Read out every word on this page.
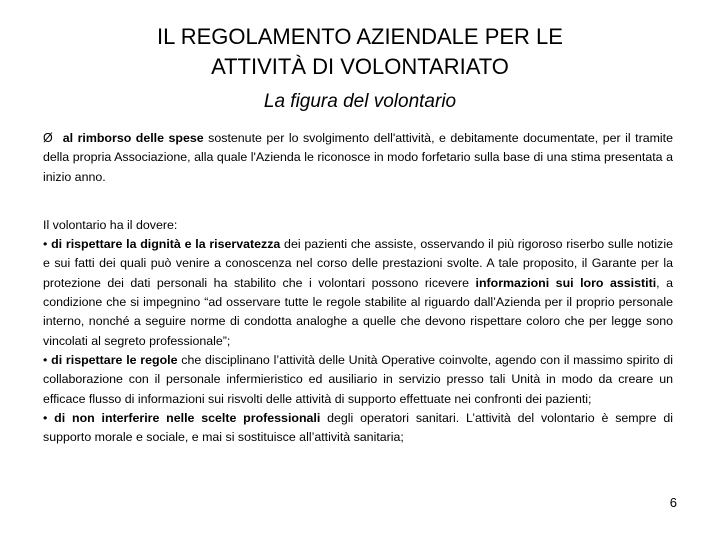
IL REGOLAMENTO AZIENDALE PER LE
ATTIVITÀ DI VOLONTARIATO
La figura del volontario

Ø al rimborso delle spese sostenute per lo svolgimento dell'attività, e debitamente documentate, per il tramite della propria Associazione, alla quale l'Azienda le riconosce in modo forfetario sulla base di una stima presentata a inizio anno.

Il volontario ha il dovere:

• di rispettare la dignità e la riservatezza dei pazienti che assiste, osservando il più rigoroso riserbo sulle notizie e sui fatti dei quali può venire a conoscenza nel corso delle prestazioni svolte. A tale proposito, il Garante per la protezione dei dati personali ha stabilito che i volontari possono ricevere informazioni sui loro assistiti, a condizione che si impegnino “ad osservare tutte le regole stabilite al riguardo dall’Azienda per il proprio personale interno, nonché a seguire norme di condotta analoghe a quelle che devono rispettare coloro che per legge sono vincolati al segreto professionale”;

• di rispettare le regole che disciplinano l’attività delle Unità Operative coinvolte, agendo con il massimo spirito di collaborazione con il personale infermieristico ed ausiliario in servizio presso tali Unità in modo da creare un efficace flusso di informazioni sui risvolti delle attività di supporto effettuate nei confronti dei pazienti;

• di non interferire nelle scelte professionali degli operatori sanitari. L’attività del volontario è sempre di supporto morale e sociale, e mai si sostituisce all’attività sanitaria;

6
